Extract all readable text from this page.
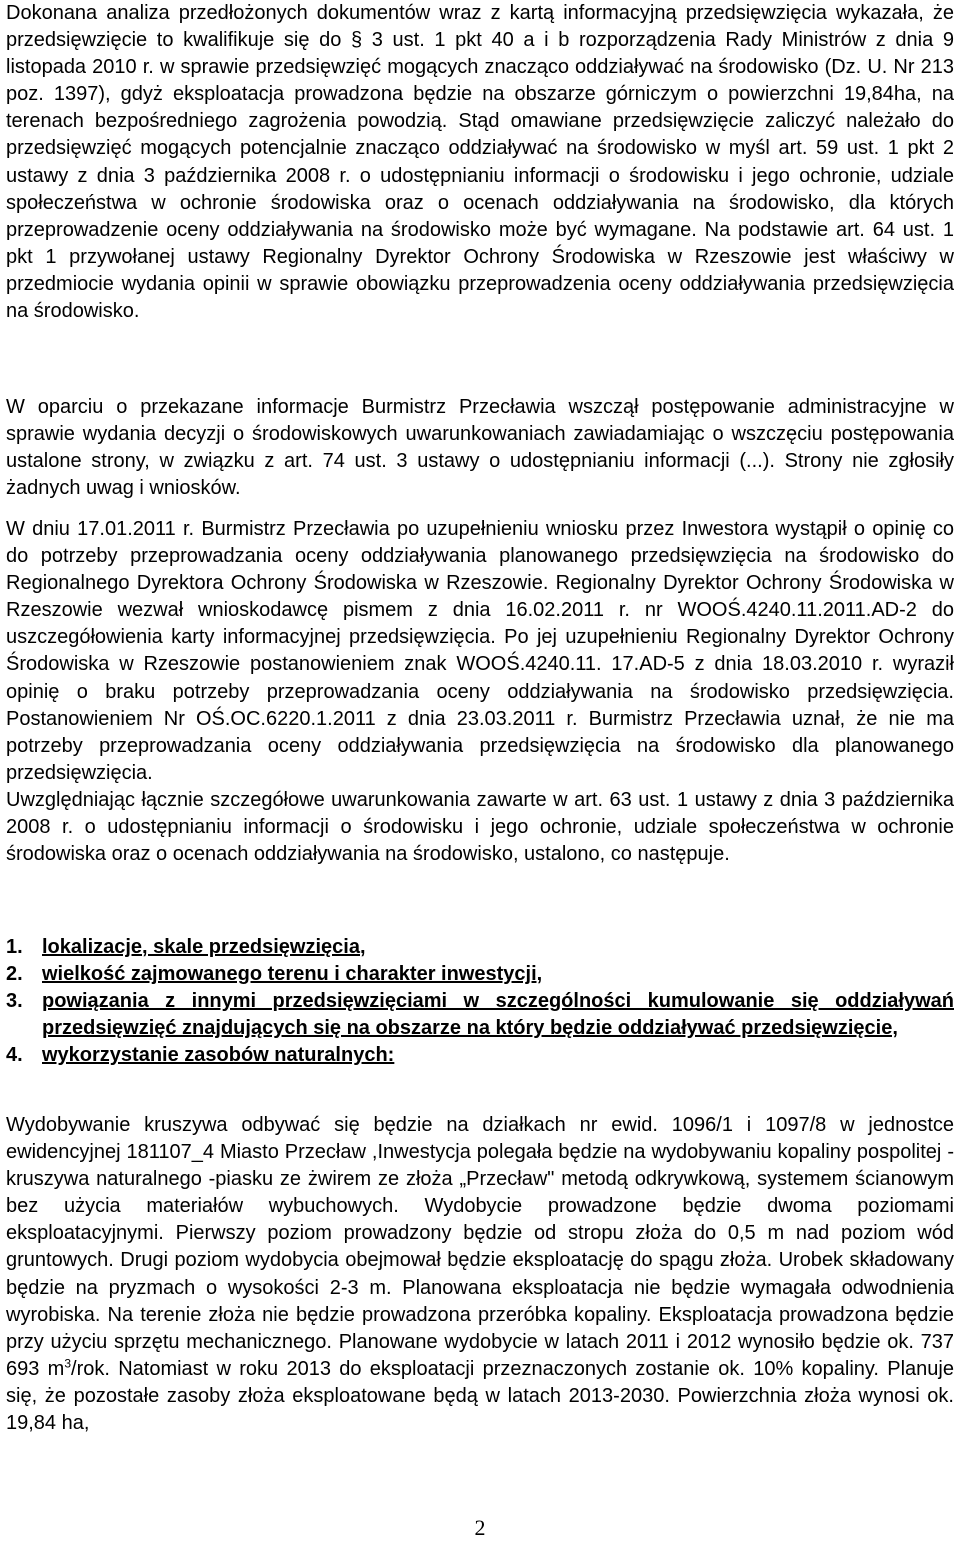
Dokonana analiza przedłożonych dokumentów wraz z kartą informacyjną przedsięwzięcia wykazała, że przedsięwzięcie to kwalifikuje się do § 3 ust. 1 pkt 40 a i b rozporządzenia Rady Ministrów z dnia 9 listopada 2010 r. w sprawie przedsięwzięć mogących znacząco oddziaływać na środowisko (Dz. U. Nr 213 poz. 1397), gdyż eksploatacja prowadzona będzie na obszarze górniczym o powierzchni 19,84ha, na terenach bezpośredniego zagrożenia powodzią. Stąd omawiane przedsięwzięcie zaliczyć należało do przedsięwzięć mogących potencjalnie znacząco oddziaływać na środowisko w myśl art. 59 ust. 1 pkt 2 ustawy z dnia 3 października 2008 r. o udostępnianiu informacji o środowisku i jego ochronie, udziale społeczeństwa w ochronie środowiska oraz o ocenach oddziaływania na środowisko, dla których przeprowadzenie oceny oddziaływania na środowisko może być wymagane. Na podstawie art. 64 ust. 1 pkt 1 przywołanej ustawy Regionalny Dyrektor Ochrony Środowiska w Rzeszowie jest właściwy w przedmiocie wydania opinii w sprawie obowiązku przeprowadzenia oceny oddziaływania przedsięwzięcia na środowisko.

W oparciu o przekazane informacje Burmistrz Przecławia wszczął postępowanie administracyjne w sprawie wydania decyzji o środowiskowych uwarunkowaniach zawiadamiając o wszczęciu postępowania ustalone strony, w związku z art. 74 ust. 3 ustawy o udostępnianiu informacji (...). Strony nie zgłosiły żadnych uwag i wniosków.

W dniu 17.01.2011 r. Burmistrz Przecławia po uzupełnieniu wniosku przez Inwestora wystąpił o opinię co do potrzeby przeprowadzania oceny oddziaływania planowanego przedsięwzięcia na środowisko do Regionalnego Dyrektora Ochrony Środowiska w Rzeszowie. Regionalny Dyrektor Ochrony Środowiska w Rzeszowie wezwał wnioskodawcę pismem z dnia 16.02.2011 r. nr WOOŚ.4240.11.2011.AD-2 do uszczegółowienia karty informacyjnej przedsięwzięcia. Po jej uzupełnieniu Regionalny Dyrektor Ochrony Środowiska w Rzeszowie postanowieniem znak WOOŚ.4240.11. 17.AD-5 z dnia 18.03.2010 r. wyraził opinię o braku potrzeby przeprowadzania oceny oddziaływania na środowisko przedsięwzięcia. Postanowieniem Nr OŚ.OC.6220.1.2011 z dnia 23.03.2011 r. Burmistrz Przecławia uznał, że nie ma potrzeby przeprowadzania oceny oddziaływania przedsięwzięcia na środowisko dla planowanego przedsięwzięcia.
Uwzględniając łącznie szczegółowe uwarunkowania zawarte w art. 63 ust. 1 ustawy z dnia 3 października 2008 r. o udostępnianiu informacji o środowisku i jego ochronie, udziale społeczeństwa w ochronie środowiska oraz o ocenach oddziaływania na środowisko, ustalono, co następuje.
1. lokalizacje, skale przedsięwzięcia,
2. wielkość zajmowanego terenu i charakter inwestycji,
3. powiązania z innymi przedsięwzięciami w szczególności kumulowanie się oddziaływań przedsięwzięć znajdujących się na obszarze na który będzie oddziaływać przedsięwzięcie,
4. wykorzystanie zasobów naturalnych:

Wydobywanie kruszywa odbywać się będzie na działkach nr ewid. 1096/1 i 1097/8 w jednostce ewidencyjnej 181107_4 Miasto Przecław ,Inwestycja polegała będzie na wydobywaniu kopaliny pospolitej - kruszywa naturalnego -piasku ze żwirem ze złoża „Przecław" metodą odkrywkową, systemem ścianowym bez użycia materiałów wybuchowych. Wydobycie prowadzone będzie dwoma poziomami eksploatacyjnymi. Pierwszy poziom prowadzony będzie od stropu złoża do 0,5 m nad poziom wód gruntowych. Drugi poziom wydobycia obejmował będzie eksploatację do spągu złoża. Urobek składowany będzie na pryzmach o wysokości 2-3 m. Planowana eksploatacja nie będzie wymagała odwodnienia wyrobiska. Na terenie złoża nie będzie prowadzona przeróbka kopaliny. Eksploatacja prowadzona będzie przy użyciu sprzętu mechanicznego. Planowane wydobycie w latach 2011 i 2012 wynosiło będzie ok. 737 693 $m^3$/rok. Natomiast w roku 2013 do eksploatacji przeznaczonych zostanie ok. 10% kopaliny. Planuje się, że pozostałe zasoby złoża eksploatowane będą w latach 2013-2030. Powierzchnia złoża wynosi ok. 19,84 ha,

2
